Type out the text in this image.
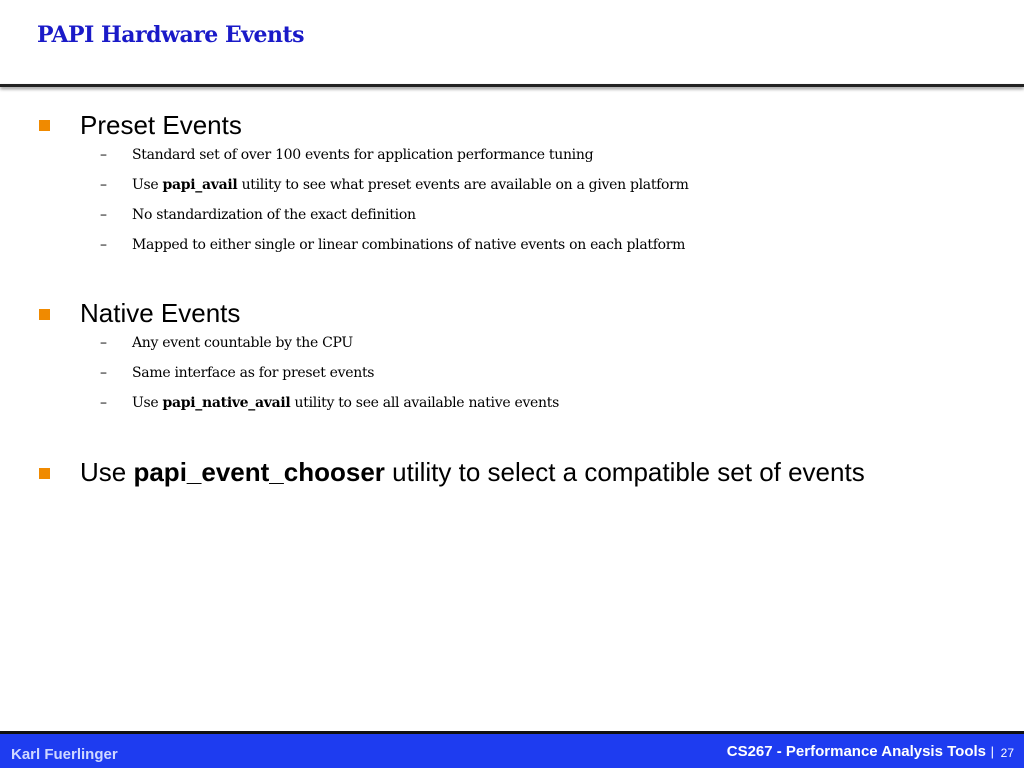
PAPI Hardware Events
Preset Events
– Standard set of over 100 events for application performance tuning
– Use papi_avail utility to see what preset events are available on a given platform
– No standardization of the exact definition
– Mapped to either single or linear combinations of native events on each platform
Native Events
– Any event countable by the CPU
– Same interface as for preset events
– Use papi_native_avail utility to see all available native events
Use papi_event_chooser utility to select a compatible set of events
Karl Fuerlinger	CS267 - Performance Analysis Tools | 27
